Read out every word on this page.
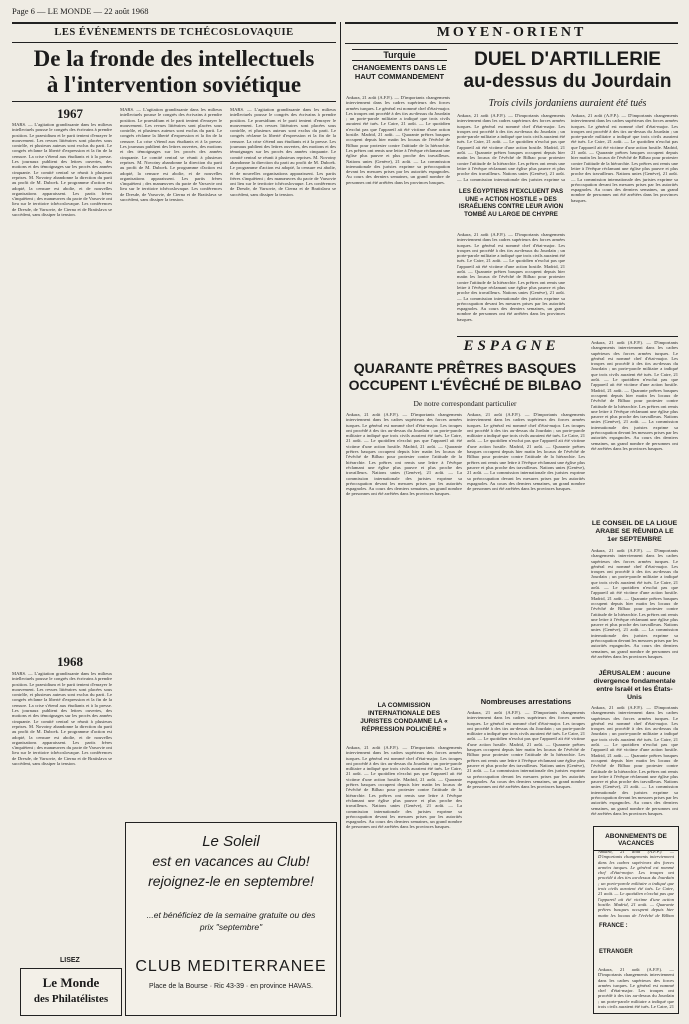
Page 6 — LE MONDE — 22 août 1968
LES ÉVÉNEMENTS DE TCHÉCOSLOVAQUIE
De la fronde des intellectuels
à l'intervention soviétique
1967
MARS. — L'agitation grandissante dans les milieux intellectuels pousse le congrès des écrivains à prendre position. Le praesidium et le parti tentent d'enrayer le mouvement. Les revues littéraires sont placées sous contrôle, et plusieurs auteurs sont exclus du parti. Le congrès réclame la liberté d'expression et la fin de la censure. La crise s'étend aux étudiants et à la presse. Les journaux publient des lettres ouvertes, des motions et des témoignages sur les procès des années cinquante. Le comité central se réunit à plusieurs reprises. M. Novotny abandonne la direction du parti au profit de M. Dubcek. Le programme d'action est adopté, la censure est abolie, et de nouvelles organisations apparaissent. Les partis frères s'inquiètent ; des manœuvres du pacte de Varsovie ont lieu sur le territoire tchécoslovaque. Les conférences de Dresde, de Varsovie, de Cierna et de Bratislava se succèdent, sans dissiper la tension.
1968
MARS. — L'agitation grandissante dans les milieux intellectuels pousse le congrès des écrivains à prendre position. Le praesidium et le parti tentent d'enrayer le mouvement. Les revues littéraires sont placées sous contrôle, et plusieurs auteurs sont exclus du parti. Le congrès réclame la liberté d'expression et la fin de la censure. La crise s'étend aux étudiants et à la presse. Les journaux publient des lettres ouvertes, des motions et des témoignages sur les procès des années cinquante. Le comité central se réunit à plusieurs reprises. M. Novotny abandonne la direction du parti au profit de M. Dubcek. Le programme d'action est adopté, la censure est abolie, et de nouvelles organisations apparaissent. Les partis frères s'inquiètent ; des manœuvres du pacte de Varsovie ont lieu sur le territoire tchécoslovaque. Les conférences de Dresde, de Varsovie, de Cierna et de Bratislava se succèdent, sans dissiper la tension.
MARS. — L'agitation grandissante dans les milieux intellectuels pousse le congrès des écrivains à prendre position. Le praesidium et le parti tentent d'enrayer le mouvement. Les revues littéraires sont placées sous contrôle, et plusieurs auteurs sont exclus du parti. Le congrès réclame la liberté d'expression et la fin de la censure. La crise s'étend aux étudiants et à la presse. Les journaux publient des lettres ouvertes, des motions et des témoignages sur les procès des années cinquante. Le comité central se réunit à plusieurs reprises. M. Novotny abandonne la direction du parti au profit de M. Dubcek. Le programme d'action est adopté, la censure est abolie, et de nouvelles organisations apparaissent. Les partis frères s'inquiètent ; des manœuvres du pacte de Varsovie ont lieu sur le territoire tchécoslovaque. Les conférences de Dresde, de Varsovie, de Cierna et de Bratislava se succèdent, sans dissiper la tension.
MARS. — L'agitation grandissante dans les milieux intellectuels pousse le congrès des écrivains à prendre position. Le praesidium et le parti tentent d'enrayer le mouvement. Les revues littéraires sont placées sous contrôle, et plusieurs auteurs sont exclus du parti. Le congrès réclame la liberté d'expression et la fin de la censure. La crise s'étend aux étudiants et à la presse. Les journaux publient des lettres ouvertes, des motions et des témoignages sur les procès des années cinquante. Le comité central se réunit à plusieurs reprises. M. Novotny abandonne la direction du parti au profit de M. Dubcek. Le programme d'action est adopté, la censure est abolie, et de nouvelles organisations apparaissent. Les partis frères s'inquiètent ; des manœuvres du pacte de Varsovie ont lieu sur le territoire tchécoslovaque. Les conférences de Dresde, de Varsovie, de Cierna et de Bratislava se succèdent, sans dissiper la tension.
Le Soleil
est en vacances au Club!
rejoignez-le en septembre!
...et bénéficiez de la semaine gratuite ou des prix "septembre"
CLUB MEDITERRANEE
Place de la Bourse · Ric 43-39 · en province HAVAS.
LISEZ
Le Monde
des Philatélistes
MOYEN-ORIENT
Turquie
CHANGEMENTS DANS LE HAUT COMMANDEMENT
Ankara, 21 août (A.F.P.). — D'importants changements interviennent dans les cadres supérieurs des forces armées turques. Le général est nommé chef d'état-major. Les troupes ont procédé à des tirs au-dessus du Jourdain ; un porte-parole militaire a indiqué que trois civils auraient été tués. Le Caire, 21 août. — Le quotidien n'exclut pas que l'appareil ait été victime d'une action hostile. Madrid, 21 août. — Quarante prêtres basques occupent depuis hier matin les locaux de l'évêché de Bilbao pour protester contre l'attitude de la hiérarchie. Les prêtres ont remis une lettre à l'évêque réclamant une église plus pauvre et plus proche des travailleurs. Nations unies (Genève), 21 août. — La commission internationale des juristes exprime sa préoccupation devant les mesures prises par les autorités espagnoles. Au cours des derniers semaines, un grand nombre de personnes ont été arrêtées dans les provinces basques.
DUEL D'ARTILLERIE
au-dessus du Jourdain
Trois civils jordaniens auraient été tués
Ankara, 21 août (A.F.P.). — D'importants changements interviennent dans les cadres supérieurs des forces armées turques. Le général est nommé chef d'état-major. Les troupes ont procédé à des tirs au-dessus du Jourdain ; un porte-parole militaire a indiqué que trois civils auraient été tués. Le Caire, 21 août. — Le quotidien n'exclut pas que l'appareil ait été victime d'une action hostile. Madrid, 21 août. — Quarante prêtres basques occupent depuis hier matin les locaux de l'évêché de Bilbao pour protester contre l'attitude de la hiérarchie. Les prêtres ont remis une lettre à l'évêque réclamant une église plus pauvre et plus proche des travailleurs. Nations unies (Genève), 21 août. — La commission internationale des juristes exprime sa
LES ÉGYPTIENS N'EXCLUENT PAS UNE « ACTION HOSTILE » DES ISRAÉLIENS CONTRE LEUR AVION TOMBÉ AU LARGE DE CHYPRE
Ankara, 21 août (A.F.P.). — D'importants changements interviennent dans les cadres supérieurs des forces armées turques. Le général est nommé chef d'état-major. Les troupes ont procédé à des tirs au-dessus du Jourdain ; un porte-parole militaire a indiqué que trois civils auraient été tués. Le Caire, 21 août. — Le quotidien n'exclut pas que l'appareil ait été victime d'une action hostile. Madrid, 21 août. — Quarante prêtres basques occupent depuis hier matin les locaux de l'évêché de Bilbao pour protester contre l'attitude de la hiérarchie. Les prêtres ont remis une lettre à l'évêque réclamant une église plus pauvre et plus proche des travailleurs. Nations unies (Genève), 21 août. — La commission internationale des juristes exprime sa préoccupation devant les mesures prises par les autorités espagnoles. Au cours des derniers semaines, un grand nombre de personnes ont été arrêtées dans les provinces basques.
Ankara, 21 août (A.F.P.). — D'importants changements interviennent dans les cadres supérieurs des forces armées turques. Le général est nommé chef d'état-major. Les troupes ont procédé à des tirs au-dessus du Jourdain ; un porte-parole militaire a indiqué que trois civils auraient été tués. Le Caire, 21 août. — Le quotidien n'exclut pas que l'appareil ait été victime d'une action hostile. Madrid, 21 août. — Quarante prêtres basques occupent depuis hier matin les locaux de l'évêché de Bilbao pour protester contre l'attitude de la hiérarchie. Les prêtres ont remis une lettre à l'évêque réclamant une église plus pauvre et plus proche des travailleurs. Nations unies (Genève), 21 août. — La commission internationale des juristes exprime sa préoccupation devant les mesures prises par les autorités espagnoles. Au cours des derniers semaines, un grand nombre de personnes ont été arrêtées dans les provinces basques.
ESPAGNE
QUARANTE PRÊTRES BASQUES
OCCUPENT L'ÉVÊCHÉ DE BILBAO
De notre correspondant particulier
Ankara, 21 août (A.F.P.). — D'importants changements interviennent dans les cadres supérieurs des forces armées turques. Le général est nommé chef d'état-major. Les troupes ont procédé à des tirs au-dessus du Jourdain ; un porte-parole militaire a indiqué que trois civils auraient été tués. Le Caire, 21 août. — Le quotidien n'exclut pas que l'appareil ait été victime d'une action hostile. Madrid, 21 août. — Quarante prêtres basques occupent depuis hier matin les locaux de l'évêché de Bilbao pour protester contre l'attitude de la hiérarchie. Les prêtres ont remis une lettre à l'évêque réclamant une église plus pauvre et plus proche des travailleurs. Nations unies (Genève), 21 août. — La commission internationale des juristes exprime sa préoccupation devant les mesures prises par les autorités espagnoles. Au cours des derniers semaines, un grand nombre de personnes ont été arrêtées dans les provinces basques.
Ankara, 21 août (A.F.P.). — D'importants changements interviennent dans les cadres supérieurs des forces armées turques. Le général est nommé chef d'état-major. Les troupes ont procédé à des tirs au-dessus du Jourdain ; un porte-parole militaire a indiqué que trois civils auraient été tués. Le Caire, 21 août. — Le quotidien n'exclut pas que l'appareil ait été victime d'une action hostile. Madrid, 21 août. — Quarante prêtres basques occupent depuis hier matin les locaux de l'évêché de Bilbao pour protester contre l'attitude de la hiérarchie. Les prêtres ont remis une lettre à l'évêque réclamant une église plus pauvre et plus proche des travailleurs. Nations unies (Genève), 21 août. — La commission internationale des juristes exprime sa préoccupation devant les mesures prises par les autorités espagnoles. Au cours des derniers semaines, un grand nombre de personnes ont été arrêtées dans les provinces basques.
LA COMMISSION INTERNATIONALE DES JURISTES CONDAMNE LA « RÉPRESSION POLICIÈRE »
Ankara, 21 août (A.F.P.). — D'importants changements interviennent dans les cadres supérieurs des forces armées turques. Le général est nommé chef d'état-major. Les troupes ont procédé à des tirs au-dessus du Jourdain ; un porte-parole militaire a indiqué que trois civils auraient été tués. Le Caire, 21 août. — Le quotidien n'exclut pas que l'appareil ait été victime d'une action hostile. Madrid, 21 août. — Quarante prêtres basques occupent depuis hier matin les locaux de l'évêché de Bilbao pour protester contre l'attitude de la hiérarchie. Les prêtres ont remis une lettre à l'évêque réclamant une église plus pauvre et plus proche des travailleurs. Nations unies (Genève), 21 août. — La commission internationale des juristes exprime sa préoccupation devant les mesures prises par les autorités espagnoles. Au cours des derniers semaines, un grand nombre de personnes ont été arrêtées dans les provinces basques.
Nombreuses arrestations
Ankara, 21 août (A.F.P.). — D'importants changements interviennent dans les cadres supérieurs des forces armées turques. Le général est nommé chef d'état-major. Les troupes ont procédé à des tirs au-dessus du Jourdain ; un porte-parole militaire a indiqué que trois civils auraient été tués. Le Caire, 21 août. — Le quotidien n'exclut pas que l'appareil ait été victime d'une action hostile. Madrid, 21 août. — Quarante prêtres basques occupent depuis hier matin les locaux de l'évêché de Bilbao pour protester contre l'attitude de la hiérarchie. Les prêtres ont remis une lettre à l'évêque réclamant une église plus pauvre et plus proche des travailleurs. Nations unies (Genève), 21 août. — La commission internationale des juristes exprime sa préoccupation devant les mesures prises par les autorités espagnoles. Au cours des derniers semaines, un grand nombre de personnes ont été arrêtées dans les provinces basques.
Ankara, 21 août (A.F.P.). — D'importants changements interviennent dans les cadres supérieurs des forces armées turques. Le général est nommé chef d'état-major. Les troupes ont procédé à des tirs au-dessus du Jourdain ; un porte-parole militaire a indiqué que trois civils auraient été tués. Le Caire, 21 août. — Le quotidien n'exclut pas que l'appareil ait été victime d'une action hostile. Madrid, 21 août. — Quarante prêtres basques occupent depuis hier matin les locaux de l'évêché de Bilbao pour protester contre l'attitude de la hiérarchie. Les prêtres ont remis une lettre à l'évêque réclamant une église plus pauvre et plus proche des travailleurs. Nations unies (Genève), 21 août. — La commission internationale des juristes exprime sa préoccupation devant les mesures prises par les autorités espagnoles. Au cours des derniers semaines, un grand nombre de personnes ont été arrêtées dans les provinces basques.
LE CONSEIL DE LA LIGUE ARABE SE RÉUNIDA LE 1er SEPTEMBRE
Ankara, 21 août (A.F.P.). — D'importants changements interviennent dans les cadres supérieurs des forces armées turques. Le général est nommé chef d'état-major. Les troupes ont procédé à des tirs au-dessus du Jourdain ; un porte-parole militaire a indiqué que trois civils auraient été tués. Le Caire, 21 août. — Le quotidien n'exclut pas que l'appareil ait été victime d'une action hostile. Madrid, 21 août. — Quarante prêtres basques occupent depuis hier matin les locaux de l'évêché de Bilbao pour protester contre l'attitude de la hiérarchie. Les prêtres ont remis une lettre à l'évêque réclamant une église plus pauvre et plus proche des travailleurs. Nations unies (Genève), 21 août. — La commission internationale des juristes exprime sa préoccupation devant les mesures prises par les autorités espagnoles. Au cours des derniers semaines, un grand nombre de personnes ont été arrêtées dans les provinces basques.
JÉRUSALEM : aucune divergence fondamentale entre Israël et les États-Unis
Ankara, 21 août (A.F.P.). — D'importants changements interviennent dans les cadres supérieurs des forces armées turques. Le général est nommé chef d'état-major. Les troupes ont procédé à des tirs au-dessus du Jourdain ; un porte-parole militaire a indiqué que trois civils auraient été tués. Le Caire, 21 août. — Le quotidien n'exclut pas que l'appareil ait été victime d'une action hostile. Madrid, 21 août. — Quarante prêtres basques occupent depuis hier matin les locaux de l'évêché de Bilbao pour protester contre l'attitude de la hiérarchie. Les prêtres ont remis une lettre à l'évêque réclamant une église plus pauvre et plus proche des travailleurs. Nations unies (Genève), 21 août. — La commission internationale des juristes exprime sa préoccupation devant les mesures prises par les autorités espagnoles. Au cours des derniers semaines, un grand nombre de personnes ont été arrêtées dans les provinces basques.
ABONNEMENTS DE VACANCES
Ankara, 21 août (A.F.P.). — D'importants changements interviennent dans les cadres supérieurs des forces armées turques. Le général est nommé chef d'état-major. Les troupes ont procédé à des tirs au-dessus du Jourdain ; un porte-parole militaire a indiqué que trois civils auraient été tués. Le Caire, 21 août. — Le quotidien n'exclut pas que l'appareil ait été victime d'une action hostile. Madrid, 21 août. — Quarante prêtres basques occupent depuis hier matin les locaux de l'évêché de Bilbao
FRANCE :
ETRANGER
Ankara, 21 août (A.F.P.). — D'importants changements interviennent dans les cadres supérieurs des forces armées turques. Le général est nommé chef d'état-major. Les troupes ont procédé à des tirs au-dessus du Jourdain ; un porte-parole militaire a indiqué que trois civils auraient été tués. Le Caire, 21
